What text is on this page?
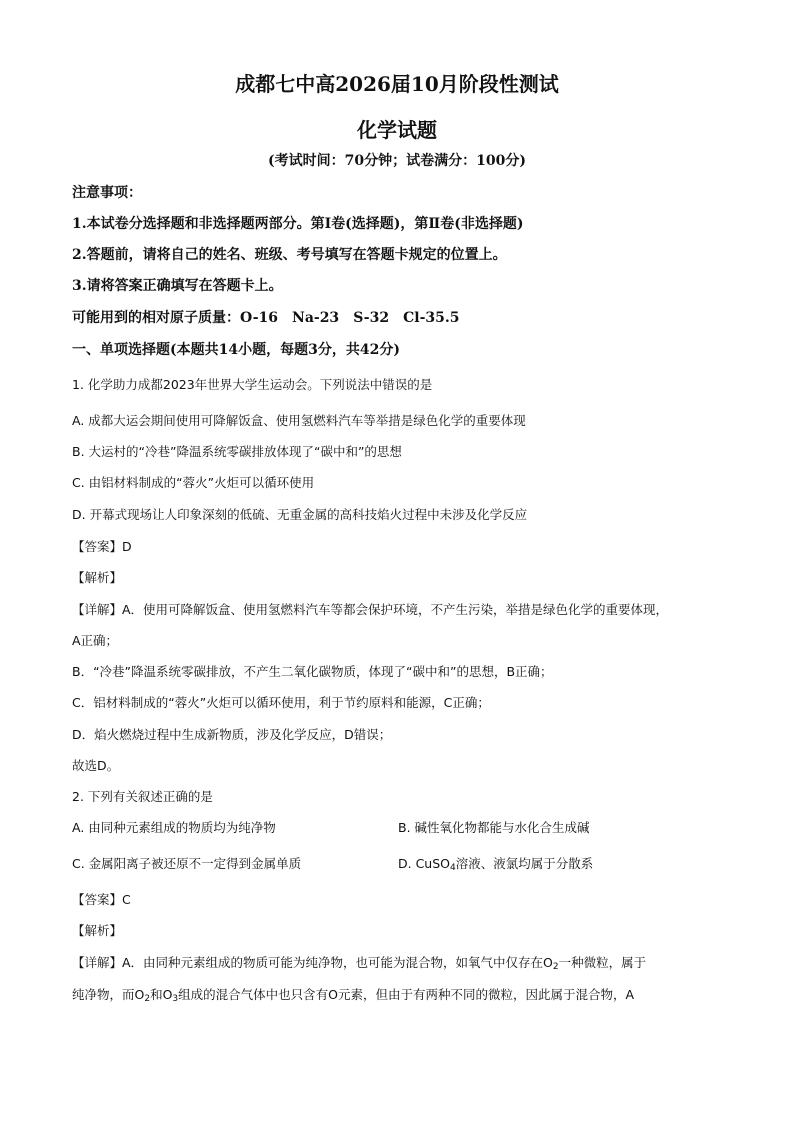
成都七中高2026届10月阶段性测试
化学试题
(考试时间：70分钟；试卷满分：100分)
注意事项：
1.本试卷分选择题和非选择题两部分。第Ⅰ卷(选择题)，第Ⅱ卷(非选择题)
2.答题前，请将自己的姓名、班级、考号填写在答题卡规定的位置上。
3.请将答案正确填写在答题卡上。
可能用到的相对原子质量：O-16 Na-23 S-32 Cl-35.5
一、单项选择题(本题共14小题，每题3分，共42分)
1. 化学助力成都2023年世界大学生运动会。下列说法中错误的是
A. 成都大运会期间使用可降解饭盒、使用氢燃料汽车等举措是绿色化学的重要体现
B. 大运村的“冷巷”降温系统零碳排放体现了“碳中和”的思想
C. 由铝材料制成的“蓉火”火炬可以循环使用
D. 开幕式现场让人印象深刻的低硫、无重金属的高科技焰火过程中未涉及化学反应
【答案】D
【解析】
【详解】A．使用可降解饭盒、使用氢燃料汽车等都会保护环境，不产生污染，举措是绿色化学的重要体现，
A正确；
B．“冷巷”降温系统零碳排放，不产生二氧化碳物质，体现了“碳中和”的思想，B正确；
C．铝材料制成的“蓉火”火炬可以循环使用，利于节约原料和能源，C正确；
D．焰火燃烧过程中生成新物质，涉及化学反应，D错误；
故选D。
2. 下列有关叙述正确的是
A. 由同种元素组成的物质均为纯净物	B. 碱性氧化物都能与水化合生成碱
C. 金属阳离子被还原不一定得到金属单质	D. CuSO$_4$溶液、液氯均属于分散系
【答案】C
【解析】
【详解】A．由同种元素组成的物质可能为纯净物，也可能为混合物，如氧气中仅存在$O_2$一种微粒，属于
纯净物，而$O_2$和$O_3$组成的混合气体中也只含有O元素，但由于有两种不同的微粒，因此属于混合物，A
